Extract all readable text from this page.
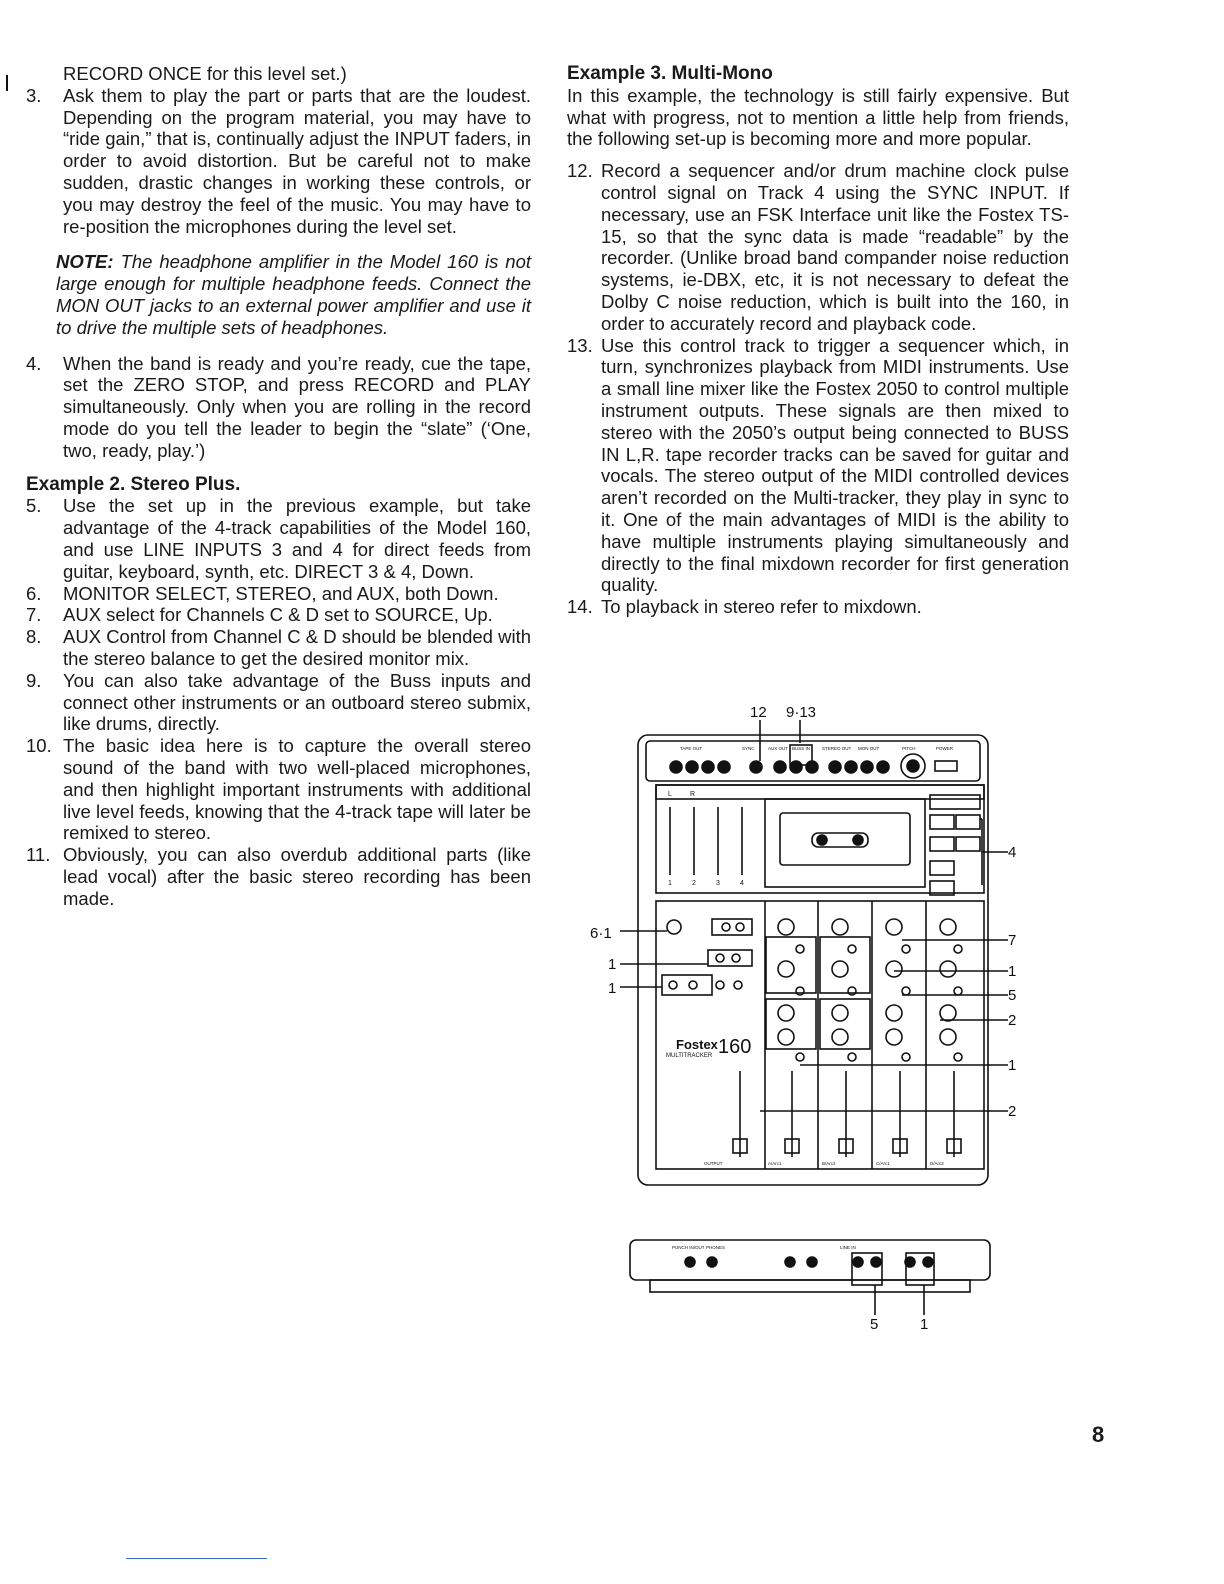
RECORD ONCE for this level set.)

3.	Ask them to play the part or parts that are the loudest. Depending on the program material, you may have to “ride gain,” that is, continually adjust the INPUT faders, in order to avoid distortion. But be careful not to make sudden, drastic changes in working these controls, or you may destroy the feel of the music. You may have to re-position the microphones during the level set.

NOTE: The headphone amplifier in the Model 160 is not large enough for multiple headphone feeds. Connect the MON OUT jacks to an external power amplifier and use it to drive the multiple sets of headphones.

4.	When the band is ready and you’re ready, cue the tape, set the ZERO STOP, and press RECORD and PLAY simultaneously. Only when you are rolling in the record mode do you tell the leader to begin the “slate” (‘One, two, ready, play.’)

Example 2. Stereo Plus.

5.	Use the set up in the previous example, but take advantage of the 4-track capabilities of the Model 160, and use LINE INPUTS 3 and 4 for direct feeds from guitar, keyboard, synth, etc. DIRECT 3 & 4, Down.
6.	MONITOR SELECT, STEREO, and AUX, both Down.
7.	AUX select for Channels C & D set to SOURCE, Up.
8.	AUX Control from Channel C & D should be blended with the stereo balance to get the desired monitor mix.
9.	You can also take advantage of the Buss inputs and connect other instruments or an outboard stereo submix, like drums, directly.
10. The basic idea here is to capture the overall stereo sound of the band with two well-placed microphones, and then highlight important instruments with additional live level feeds, knowing that the 4-track tape will later be remixed to stereo.
11. Obviously, you can also overdub additional parts (like lead vocal) after the basic stereo recording has been made.

Example 3. Multi-Mono

In this example, the technology is still fairly expensive. But what with progress, not to mention a little help from friends, the following set-up is becoming more and more popular.

12. Record a sequencer and/or drum machine clock pulse control signal on Track 4 using the SYNC INPUT. If necessary, use an FSK Interface unit like the Fostex TS-15, so that the sync data is made “readable” by the recorder. (Unlike broad band compander noise reduction systems, ie-DBX, etc, it is not necessary to defeat the Dolby C noise reduction, which is built into the 160, in order to accurately record and playback code.
13. Use this control track to trigger a sequencer which, in turn, synchronizes playback from MIDI instruments. Use a small line mixer like the Fostex 2050 to control multiple instrument outputs. These signals are then mixed to stereo with the 2050’s output being connected to BUSS IN L,R. tape recorder tracks can be saved for guitar and vocals. The stereo output of the MIDI controlled devices aren’t recorded on the Multi-tracker, they play in sync to it. One of the main advantages of MIDI is the ability to have multiple instruments playing simultaneously and directly to the final mixdown recorder for first generation quality.
14. To playback in stereo refer to mixdown.
12 9·13
6·1
1
1
4
7
1
5
2
1
2
5	1
Fostex 160
MULTITRACKER
L	R
1	2	3	4
TAPE OUT	SYNC	AUX OUT BUSS IN	STEREO OUT MON OUT	PITCH	POWER
OUTPUT	A/Arc1	B/Arc2	C/Arc1	D/Arc2
PUNCH IN/OUT PHONES	LINE IN
8
